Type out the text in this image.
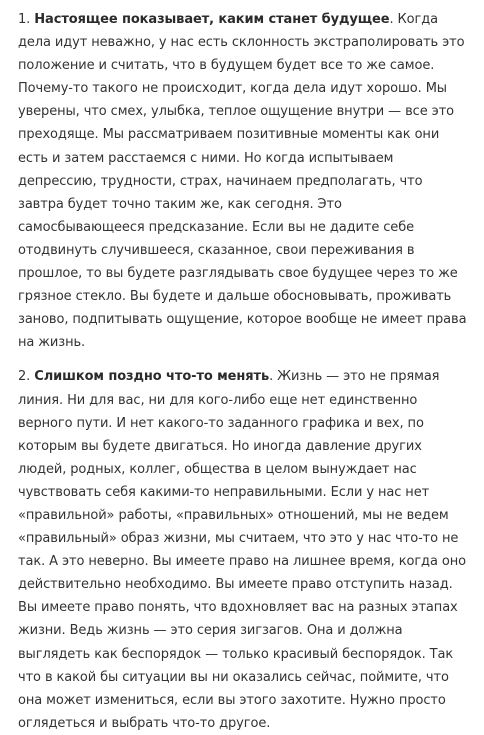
1. Настоящее показывает, каким станет будущее. Когда дела идут неважно, у нас есть склонность экстраполировать это положение и считать, что в будущем будет все то же самое. Почему-то такого не происходит, когда дела идут хорошо. Мы уверены, что смех, улыбка, теплое ощущение внутри — все это преходяще. Мы рассматриваем позитивные моменты как они есть и затем расстаемся с ними. Но когда испытываем депрессию, трудности, страх, начинаем предполагать, что завтра будет точно таким же, как сегодня. Это самосбывающееся предсказание. Если вы не дадите себе отодвинуть случившееся, сказанное, свои переживания в прошлое, то вы будете разглядывать свое будущее через то же грязное стекло. Вы будете и дальше обосновывать, проживать заново, подпитывать ощущение, которое вообще не имеет права на жизнь.

2. Слишком поздно что-то менять. Жизнь — это не прямая линия. Ни для вас, ни для кого-либо еще нет единственно верного пути. И нет какого-то заданного графика и вех, по которым вы будете двигаться. Но иногда давление других людей, родных, коллег, общества в целом вынуждает нас чувствовать себя какими-то неправильными. Если у нас нет «правильной» работы, «правильных» отношений, мы не ведем «правильный» образ жизни, мы считаем, что это у нас что-то не так. А это неверно. Вы имеете право на лишнее время, когда оно действительно необходимо. Вы имеете право отступить назад. Вы имеете право понять, что вдохновляет вас на разных этапах жизни. Ведь жизнь — это серия зигзагов. Она и должна выглядеть как беспорядок — только красивый беспорядок. Так что в какой бы ситуации вы ни оказались сейчас, поймите, что она может измениться, если вы этого захотите. Нужно просто оглядеться и выбрать что-то другое.
